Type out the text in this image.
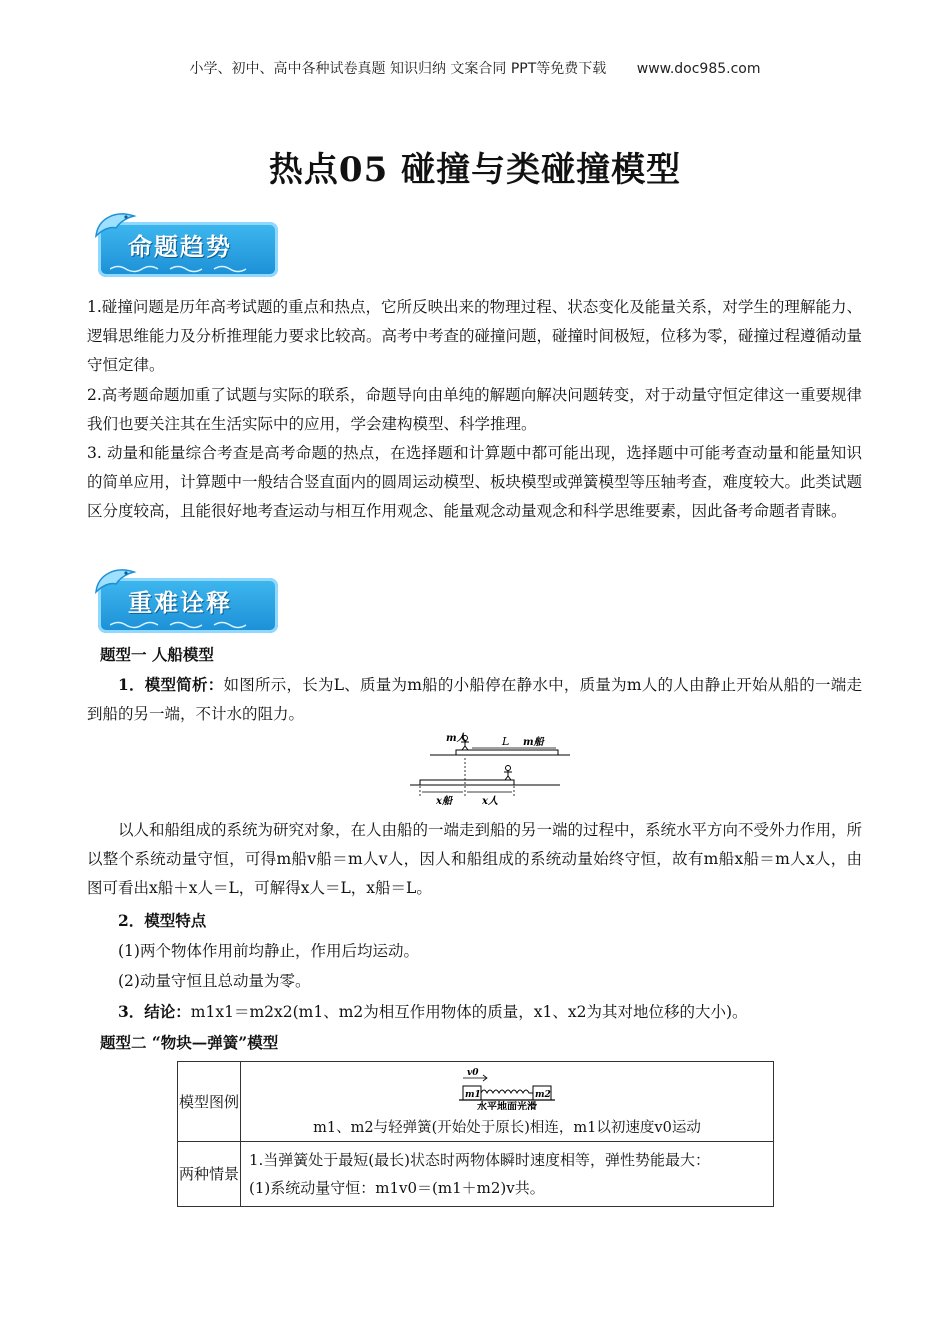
小学、初中、高中各种试卷真题 知识归纳 文案合同 PPT等免费下载 www.doc985.com
热点05 碰撞与类碰撞模型
命题趋势
1.碰撞问题是历年高考试题的重点和热点，它所反映出来的物理过程、状态变化及能量关系，对学生的理解能力、逻辑思维能力及分析推理能力要求比较高。高考中考查的碰撞问题，碰撞时间极短，位移为零，碰撞过程遵循动量守恒定律。
2.高考题命题加重了试题与实际的联系，命题导向由单纯的解题向解决问题转变，对于动量守恒定律这一重要规律我们也要关注其在生活实际中的应用，学会建构模型、科学推理。
3. 动量和能量综合考查是高考命题的热点，在选择题和计算题中都可能出现，选择题中可能考查动量和能量知识的简单应用，计算题中一般结合竖直面内的圆周运动模型、板块模型或弹簧模型等压轴考查，难度较大。此类试题区分度较高，且能很好地考查运动与相互作用观念、能量观念动量观念和科学思维要素，因此备考命题者青睐。
重难诠释
题型一 人船模型
1．模型简析：如图所示，长为L、质量为m船的小船停在静水中，质量为m人的人由静止开始从船的一端走到船的另一端，不计水的阻力。
m人	L m船
x船	x人
以人和船组成的系统为研究对象，在人由船的一端走到船的另一端的过程中，系统水平方向不受外力作用，所以整个系统动量守恒，可得m船v船＝m人v人，因人和船组成的系统动量始终守恒，故有m船x船＝m人x人，由图可看出x船＋x人＝L，可解得x人＝L，x船＝L。
2．模型特点
(1)两个物体作用前均静止，作用后均运动。
(2)动量守恒且总动量为零。
3．结论：m1x1＝m2x2(m1、m2为相互作用物体的质量，x1、x2为其对地位移的大小)。
题型二 “物块—弹簧”模型
模型图例	v0
m1 m2
水平地面光滑
m1、m2与轻弹簧(开始处于原长)相连，m1以初速度v0运动

两种情景	1.当弹簧处于最短(最长)状态时两物体瞬时速度相等，弹性势能最大：
(1)系统动量守恒：m1v0＝(m1＋m2)v共。
